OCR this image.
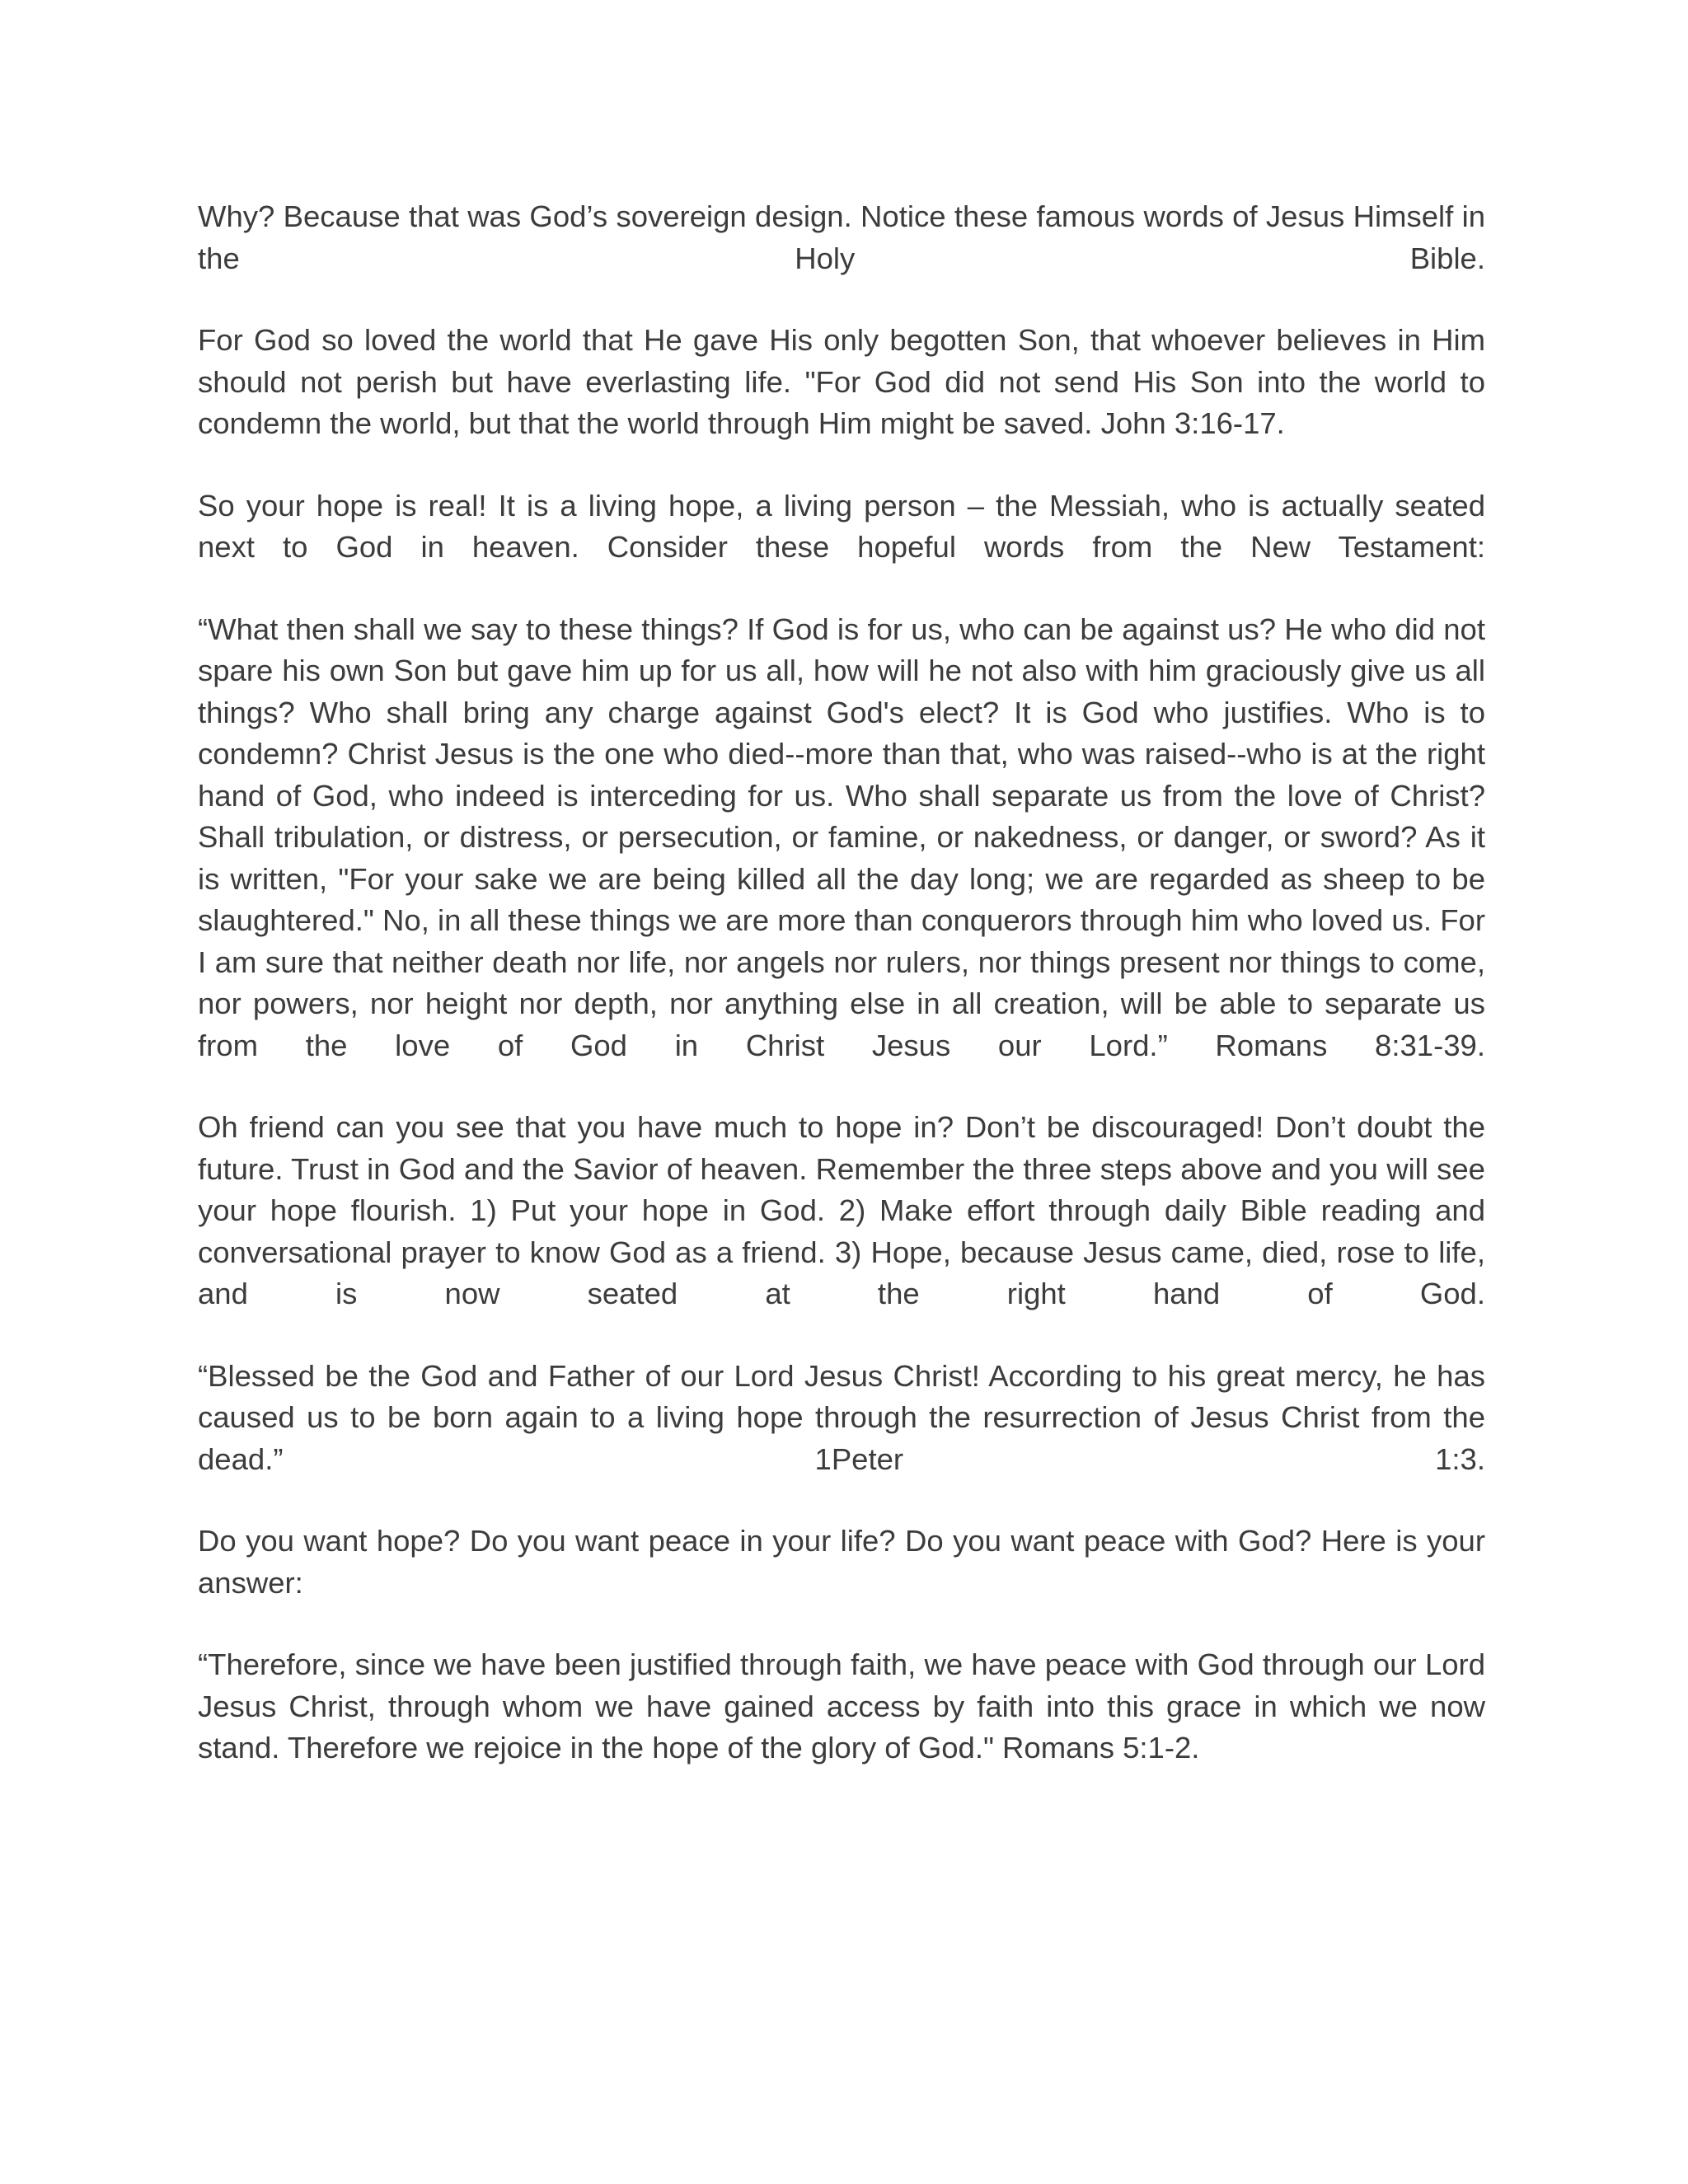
Why? Because that was God’s sovereign design. Notice these famous words of Jesus Himself in the Holy Bible.

For God so loved the world that He gave His only begotten Son, that whoever believes in Him should not perish but have everlasting life. "For God did not send His Son into the world to condemn the world, but that the world through Him might be saved. John 3:16-17.

So your hope is real! It is a living hope, a living person – the Messiah, who is actually seated next to God in heaven. Consider these hopeful words from the New Testament:

“What then shall we say to these things? If God is for us, who can be against us? He who did not spare his own Son but gave him up for us all, how will he not also with him graciously give us all things? Who shall bring any charge against God's elect? It is God who justifies. Who is to condemn? Christ Jesus is the one who died--more than that, who was raised--who is at the right hand of God, who indeed is interceding for us. Who shall separate us from the love of Christ? Shall tribulation, or distress, or persecution, or famine, or nakedness, or danger, or sword? As it is written, "For your sake we are being killed all the day long; we are regarded as sheep to be slaughtered." No, in all these things we are more than conquerors through him who loved us. For I am sure that neither death nor life, nor angels nor rulers, nor things present nor things to come, nor powers, nor height nor depth, nor anything else in all creation, will be able to separate us from the love of God in Christ Jesus our Lord.” Romans 8:31-39.

Oh friend can you see that you have much to hope in? Don’t be discouraged! Don’t doubt the future. Trust in God and the Savior of heaven. Remember the three steps above and you will see your hope flourish. 1) Put your hope in God. 2) Make effort through daily Bible reading and conversational prayer to know God as a friend. 3) Hope, because Jesus came, died, rose to life, and is now seated at the right hand of God.

“Blessed be the God and Father of our Lord Jesus Christ! According to his great mercy, he has caused us to be born again to a living hope through the resurrection of Jesus Christ from the dead.” 1Peter 1:3.

Do you want hope? Do you want peace in your life? Do you want peace with God? Here is your answer:

“Therefore, since we have been justified through faith, we have peace with God through our Lord Jesus Christ, through whom we have gained access by faith into this grace in which we now stand. Therefore we rejoice in the hope of the glory of God." Romans 5:1-2.
